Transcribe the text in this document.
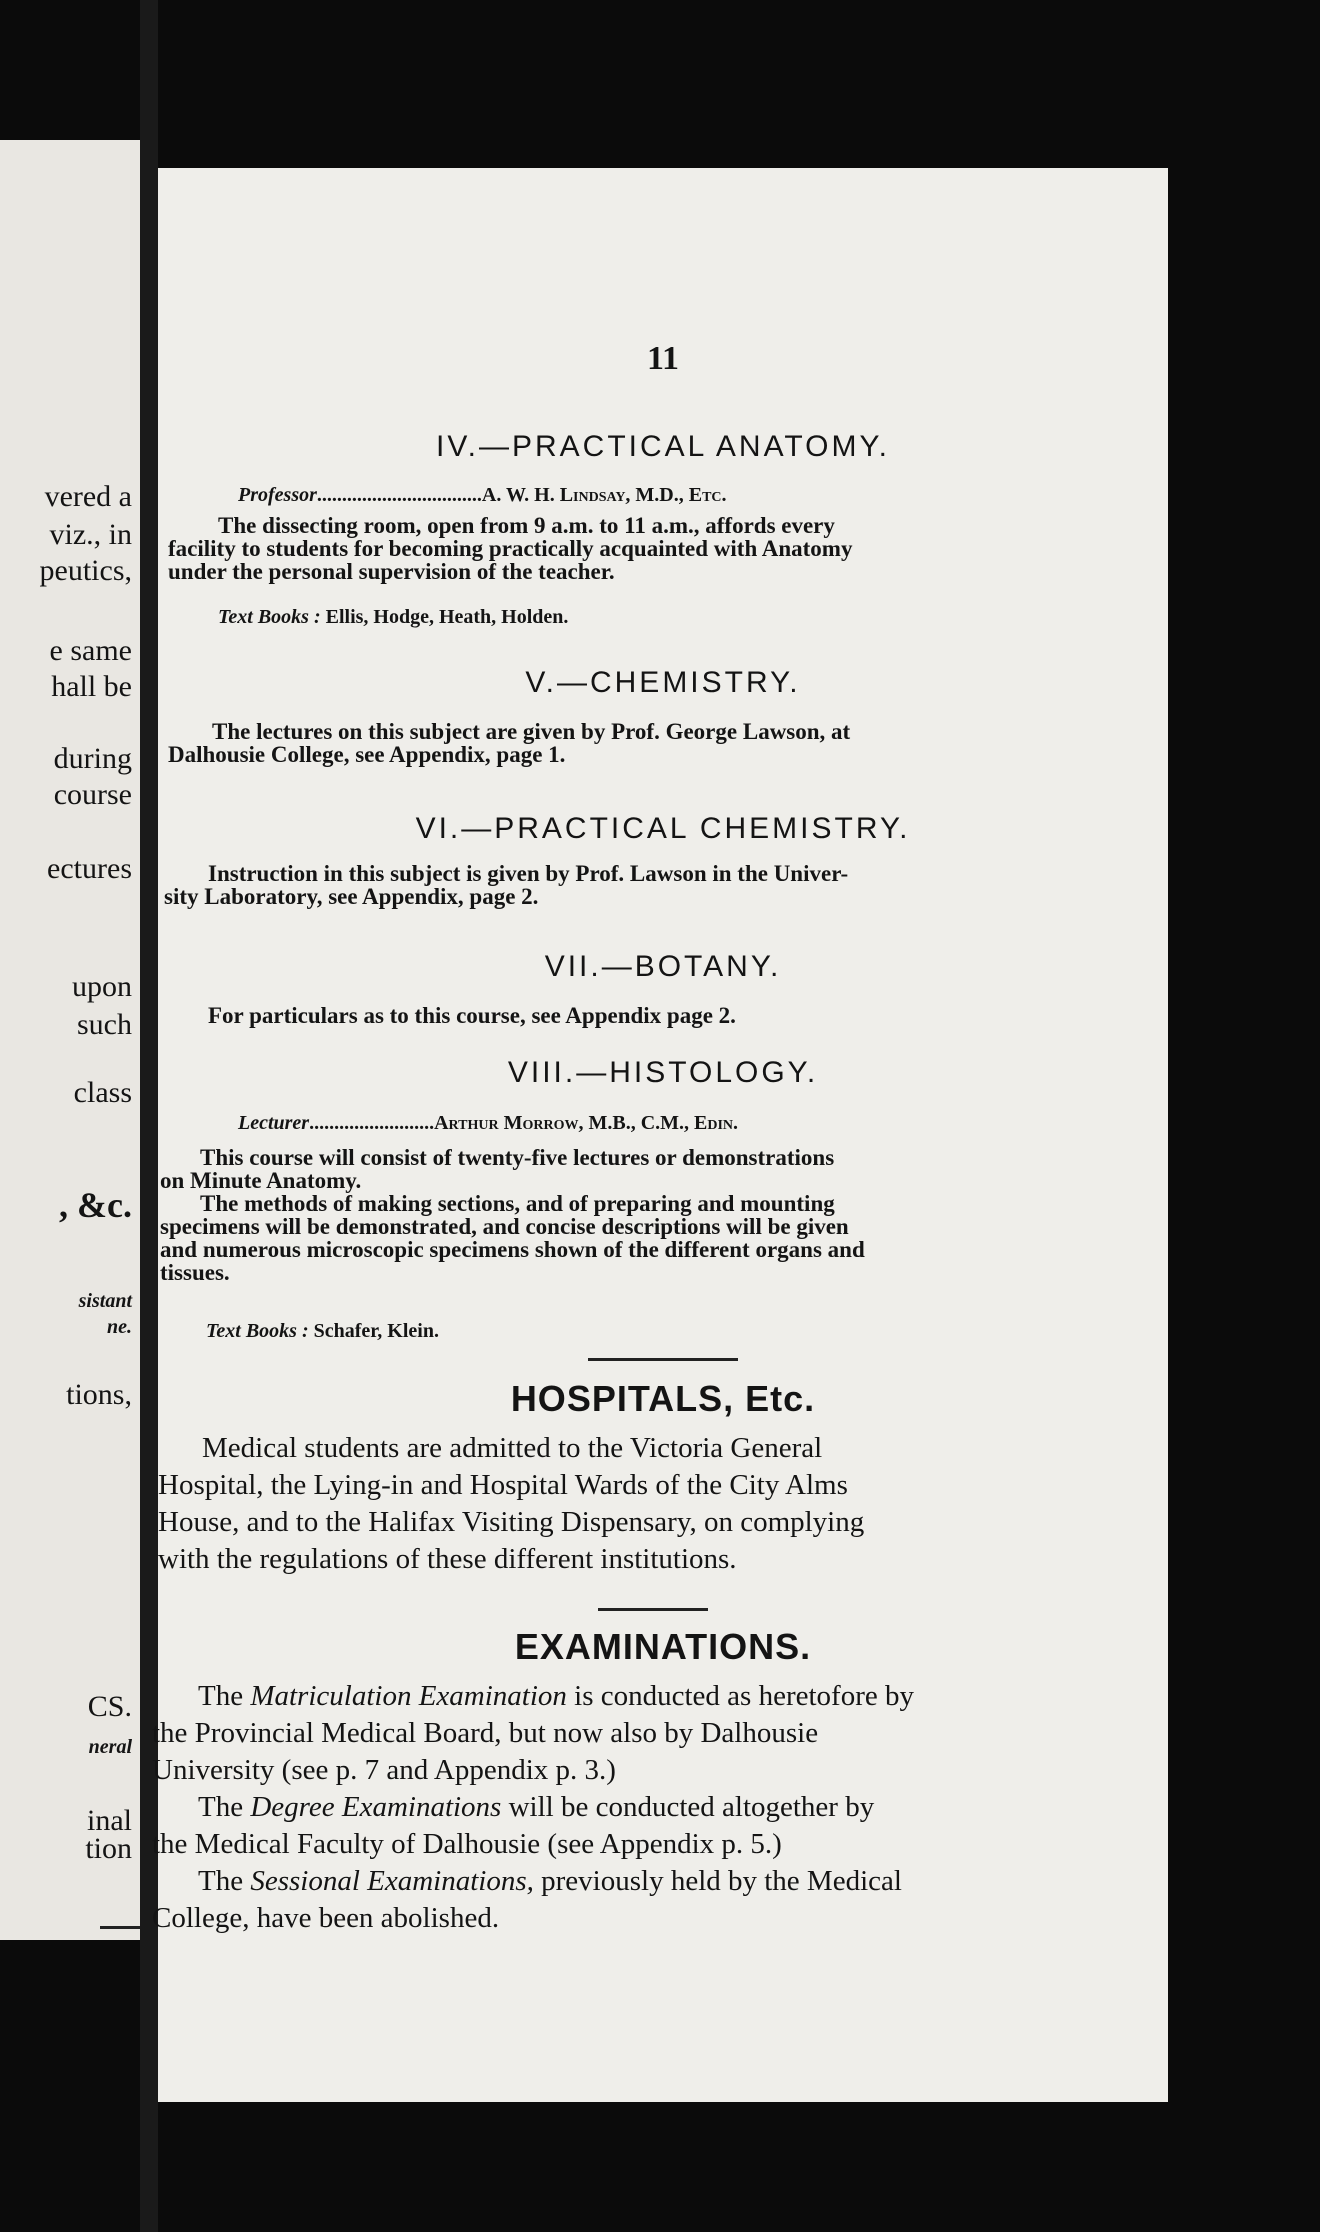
vered a
viz., in
peutics,
e same
hall be
during
course
ectures
upon
such
class
, &c.
sistant
ne.
tions,
CS.
neral
inal
tion
11
IV.—PRACTICAL ANATOMY.
Professor.................................A. W. H. Lindsay, M.D., Etc.
The dissecting room, open from 9 a.m. to 11 a.m., affords every
facility to students for becoming practically acquainted with Anatomy
under the personal supervision of the teacher.
Text Books : Ellis, Hodge, Heath, Holden.
V.—CHEMISTRY.
The lectures on this subject are given by Prof. George Lawson, at
Dalhousie College, see Appendix, page 1.
VI.—PRACTICAL CHEMISTRY.
Instruction in this subject is given by Prof. Lawson in the Univer-
sity Laboratory, see Appendix, page 2.
VII.—BOTANY.
For particulars as to this course, see Appendix page 2.
VIII.—HISTOLOGY.
Lecturer.........................Arthur Morrow, M.B., C.M., Edin.
This course will consist of twenty-five lectures or demonstrations
on Minute Anatomy.
The methods of making sections, and of preparing and mounting
specimens will be demonstrated, and concise descriptions will be given
and numerous microscopic specimens shown of the different organs and
tissues.
Text Books : Schafer, Klein.
HOSPITALS, Etc.
Medical students are admitted to the Victoria General
Hospital, the Lying-in and Hospital Wards of the City Alms
House, and to the Halifax Visiting Dispensary, on complying
with the regulations of these different institutions.
EXAMINATIONS.
The Matriculation Examination is conducted as heretofore by
the Provincial Medical Board, but now also by Dalhousie
University (see p. 7 and Appendix p. 3.)
The Degree Examinations will be conducted altogether by
the Medical Faculty of Dalhousie (see Appendix p. 5.)
The Sessional Examinations, previously held by the Medical
College, have been abolished.
